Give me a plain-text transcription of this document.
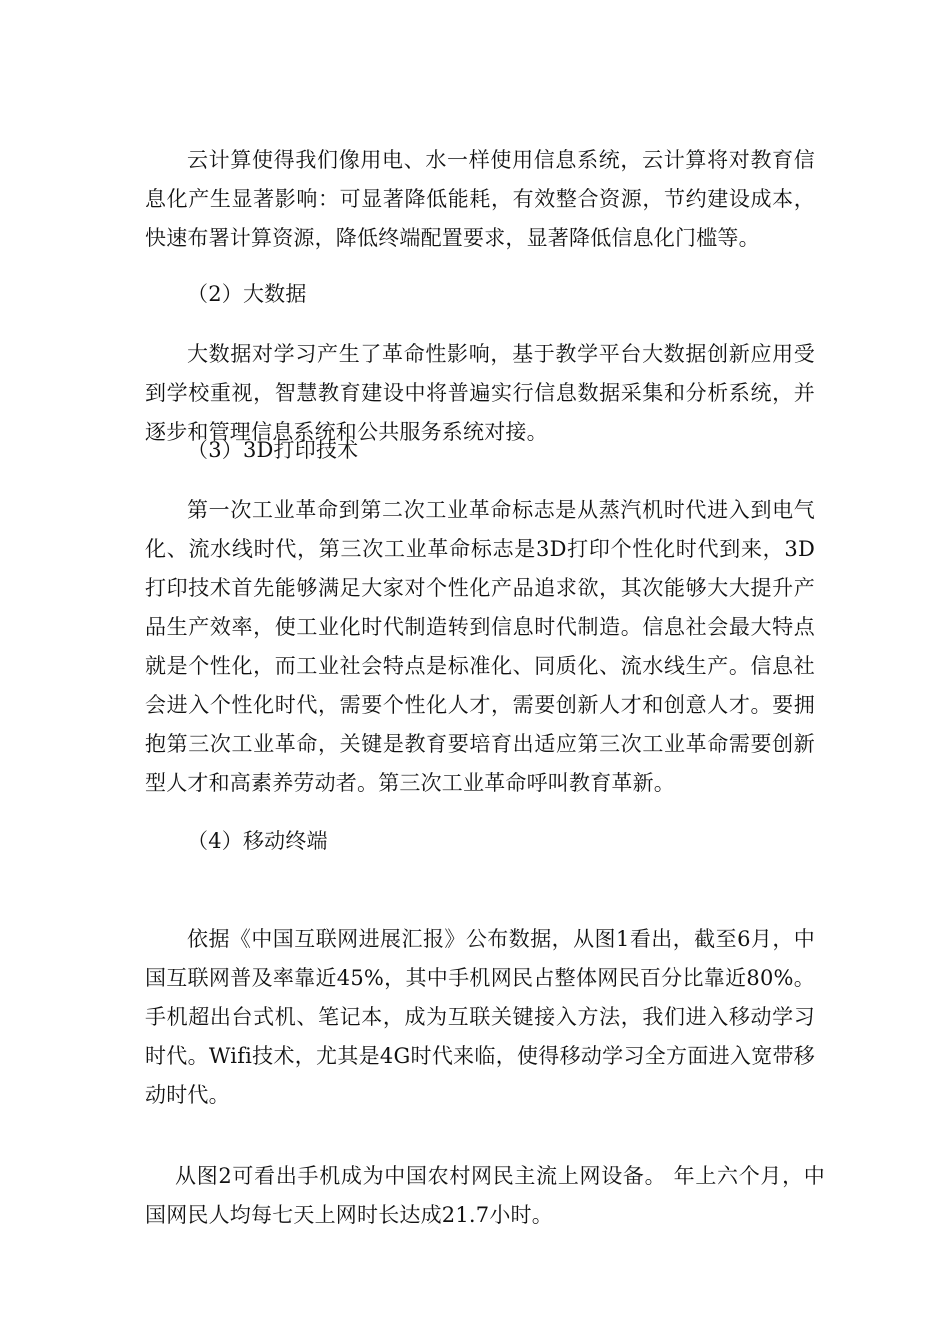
云计算使得我们像用电、水一样使用信息系统，云计算将对教育信息化产生显著影响：可显著降低能耗，有效整合资源，节约建设成本，快速布署计算资源，降低终端配置要求，显著降低信息化门槛等。

（2）大数据

大数据对学习产生了革命性影响，基于教学平台大数据创新应用受到学校重视，智慧教育建设中将普遍实行信息数据采集和分析系统，并逐步和管理信息系统和公共服务系统对接。

（3）3D打印技术

第一次工业革命到第二次工业革命标志是从蒸汽机时代进入到电气化、流水线时代，第三次工业革命标志是3D打印个性化时代到来，3D打印技术首先能够满足大家对个性化产品追求欲，其次能够大大提升产品生产效率，使工业化时代制造转到信息时代制造。信息社会最大特点就是个性化，而工业社会特点是标准化、同质化、流水线生产。信息社会进入个性化时代，需要个性化人才，需要创新人才和创意人才。要拥抱第三次工业革命，关键是教育要培育出适应第三次工业革命需要创新型人才和高素养劳动者。第三次工业革命呼叫教育革新。

（4）移动终端

依据《中国互联网进展汇报》公布数据，从图1看出，截至6月，中国互联网普及率靠近45%，其中手机网民占整体网民百分比靠近80%。手机超出台式机、笔记本，成为互联关键接入方法，我们进入移动学习时代。Wifi技术，尤其是4G时代来临，使得移动学习全方面进入宽带移动时代。

从图2可看出手机成为中国农村网民主流上网设备。 年上六个月，中国网民人均每七天上网时长达成21.7小时。
